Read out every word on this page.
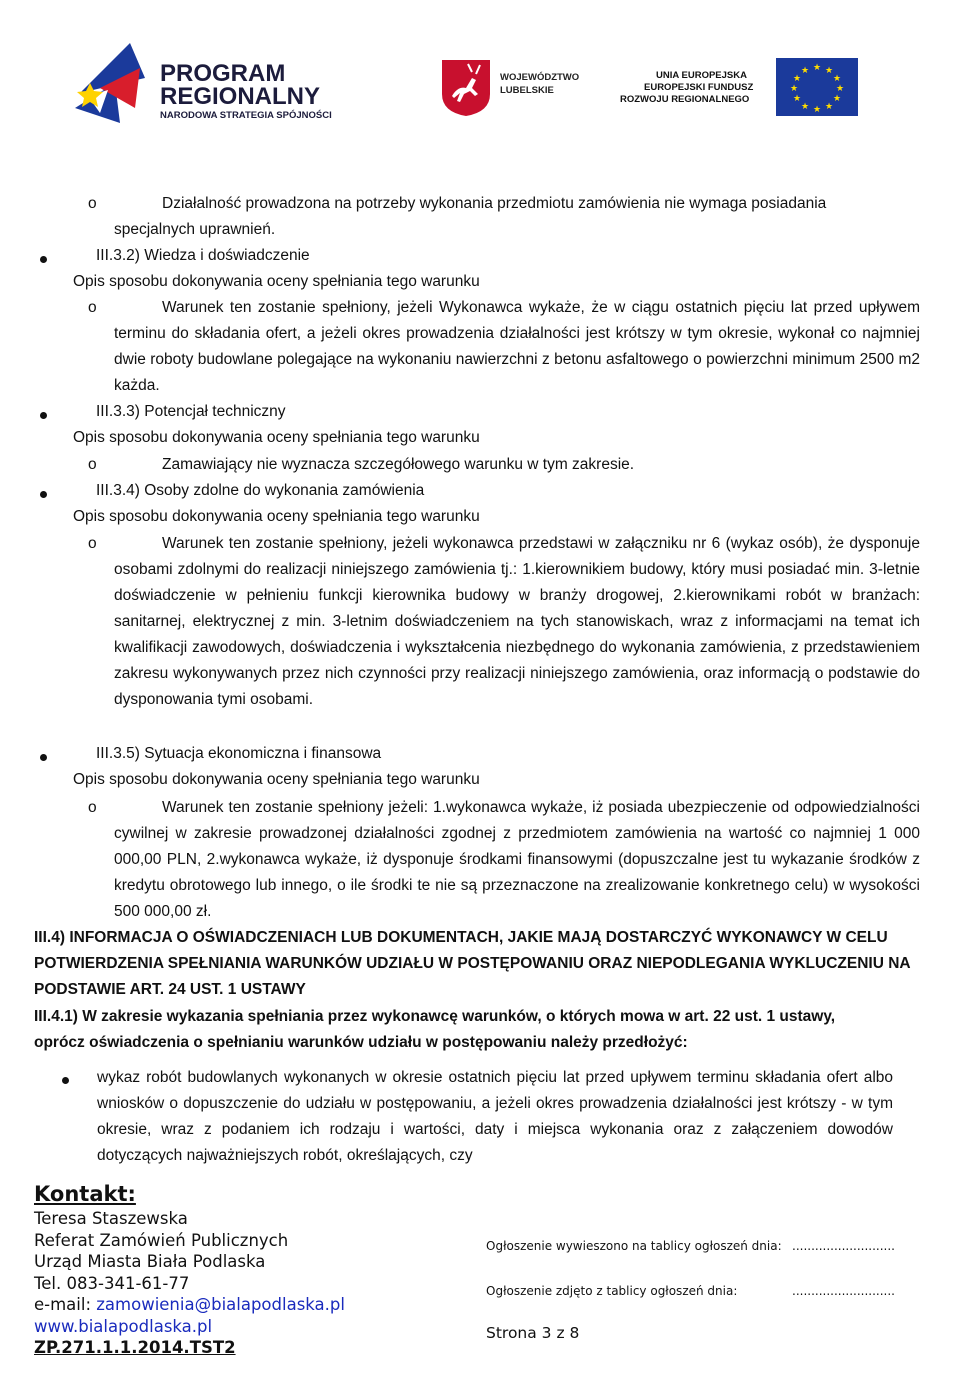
PROGRAM
REGIONALNY
NARODOWA STRATEGIA SPÓJNOŚCI
WOJEWÓDZTWO
LUBELSKIE
UNIA EUROPEJSKA
EUROPEJSKI FUNDUSZ
ROZWOJU REGIONALNEGO
★ ★
★
★
★
★
★
★
★
★
★
★
o	Działalność prowadzona na potrzeby wykonania przedmiotu zamówienia nie wymaga posiadania
specjalnych uprawnień.
III.3.2) Wiedza i doświadczenie
Opis sposobu dokonywania oceny spełniania tego warunku
o	Warunek ten zostanie spełniony, jeżeli Wykonawca wykaże, że w ciągu ostatnich pięciu lat przed upływem terminu do składania ofert, a jeżeli okres prowadzenia działalności jest krótszy w tym okresie, wykonał co najmniej dwie roboty budowlane polegające na wykonaniu nawierzchni z betonu asfaltowego o powierzchni minimum 2500 m2 każda.
III.3.3) Potencjał techniczny
Opis sposobu dokonywania oceny spełniania tego warunku
o	Zamawiający nie wyznacza szczegółowego warunku w tym zakresie.
III.3.4) Osoby zdolne do wykonania zamówienia
Opis sposobu dokonywania oceny spełniania tego warunku
o	Warunek ten zostanie spełniony, jeżeli wykonawca przedstawi w załączniku nr 6 (wykaz osób), że dysponuje osobami zdolnymi do realizacji niniejszego zamówienia tj.: 1.kierownikiem budowy, który musi posiadać min. 3-letnie doświadczenie w pełnieniu funkcji kierownika budowy w branży drogowej, 2.kierownikami robót w branżach: sanitarnej, elektrycznej z min. 3-letnim doświadczeniem na tych stanowiskach, wraz z informacjami na temat ich kwalifikacji zawodowych, doświadczenia i wykształcenia niezbędnego do wykonania zamówienia, z przedstawieniem zakresu wykonywanych przez nich czynności przy realizacji niniejszego zamówienia, oraz informacją o podstawie do dysponowania tymi osobami.
III.3.5) Sytuacja ekonomiczna i finansowa
Opis sposobu dokonywania oceny spełniania tego warunku
o	Warunek ten zostanie spełniony jeżeli: 1.wykonawca wykaże, iż posiada ubezpieczenie od odpowiedzialności cywilnej w zakresie prowadzonej działalności zgodnej z przedmiotem zamówienia na wartość co najmniej 1 000 000,00 PLN, 2.wykonawca wykaże, iż dysponuje środkami finansowymi (dopuszczalne jest tu wykazanie środków z kredytu obrotowego lub innego, o ile środki te nie są przeznaczone na zrealizowanie konkretnego celu) w wysokości 500 000,00 zł.
III.4) INFORMACJA O OŚWIADCZENIACH LUB DOKUMENTACH, JAKIE MAJĄ DOSTARCZYĆ WYKONAWCY W CELU POTWIERDZENIA SPEŁNIANIA WARUNKÓW UDZIAŁU W POSTĘPOWANIU ORAZ NIEPODLEGANIA WYKLUCZENIU NA PODSTAWIE ART. 24 UST. 1 USTAWY
III.4.1) W zakresie wykazania spełniania przez wykonawcę warunków, o których mowa w art. 22 ust. 1 ustawy, oprócz oświadczenia o spełnianiu warunków udziału w postępowaniu należy przedłożyć:
wykaz robót budowlanych wykonanych w okresie ostatnich pięciu lat przed upływem terminu składania ofert albo wniosków o dopuszczenie do udziału w postępowaniu, a jeżeli okres prowadzenia działalności jest krótszy - w tym okresie, wraz z podaniem ich rodzaju i wartości, daty i miejsca wykonania oraz z załączeniem dowodów dotyczących najważniejszych robót, określających, czy
Kontakt:
Teresa Staszewska
Referat Zamówień Publicznych
Urząd Miasta Biała Podlaska
Tel. 083-341-61-77
e-mail: zamowienia@bialapodlaska.pl
www.bialapodlaska.pl
ZP.271.1.1.2014.TST2
Ogłoszenie wywieszono na tablicy ogłoszeń dnia: ...........................
Ogłoszenie zdjęto z tablicy ogłoszeń dnia:	...........................
Strona 3 z 8
